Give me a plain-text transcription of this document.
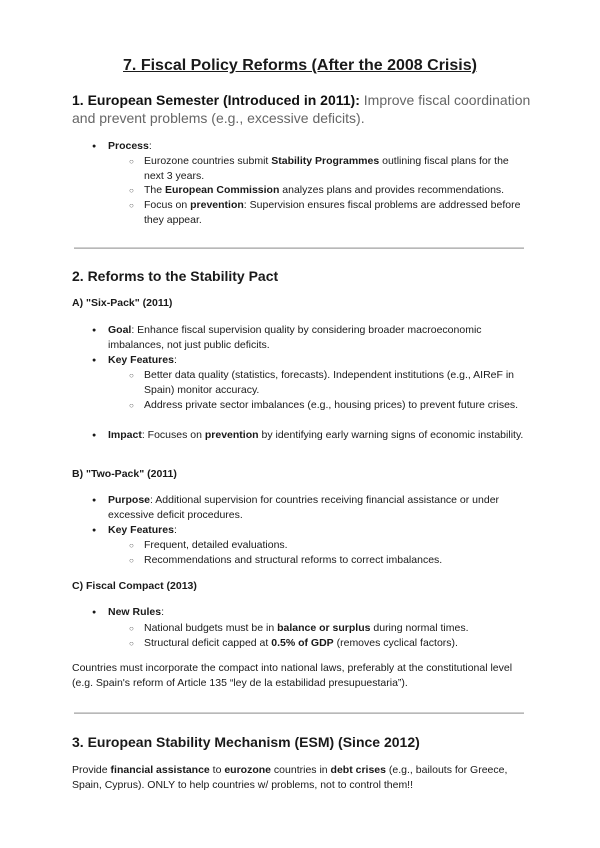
7. Fiscal Policy Reforms (After the 2008 Crisis)
1. European Semester (Introduced in 2011): Improve fiscal coordination and prevent problems (e.g., excessive deficits).
● Process:
○ Eurozone countries submit Stability Programmes outlining fiscal plans for the next 3 years.
○ The European Commission analyzes plans and provides recommendations.
○ Focus on prevention: Supervision ensures fiscal problems are addressed before they appear.
2. Reforms to the Stability Pact
A) "Six-Pack" (2011)
● Goal: Enhance fiscal supervision quality by considering broader macroeconomic imbalances, not just public deficits.
● Key Features:
○ Better data quality (statistics, forecasts). Independent institutions (e.g., AIReF in Spain) monitor accuracy.
○ Address private sector imbalances (e.g., housing prices) to prevent future crises.
● Impact: Focuses on prevention by identifying early warning signs of economic instability.
B) "Two-Pack" (2011)
● Purpose: Additional supervision for countries receiving financial assistance or under excessive deficit procedures.
● Key Features:
○ Frequent, detailed evaluations.
○ Recommendations and structural reforms to correct imbalances.
C) Fiscal Compact (2013)
● New Rules:
○ National budgets must be in balance or surplus during normal times.
○ Structural deficit capped at 0.5% of GDP (removes cyclical factors).
Countries must incorporate the compact into national laws, preferably at the constitutional level (e.g. Spain's reform of Article 135 “ley de la estabilidad presupuestaria”).
3. European Stability Mechanism (ESM) (Since 2012)
Provide financial assistance to eurozone countries in debt crises (e.g., bailouts for Greece, Spain, Cyprus). ONLY to help countries w/ problems, not to control them!!
